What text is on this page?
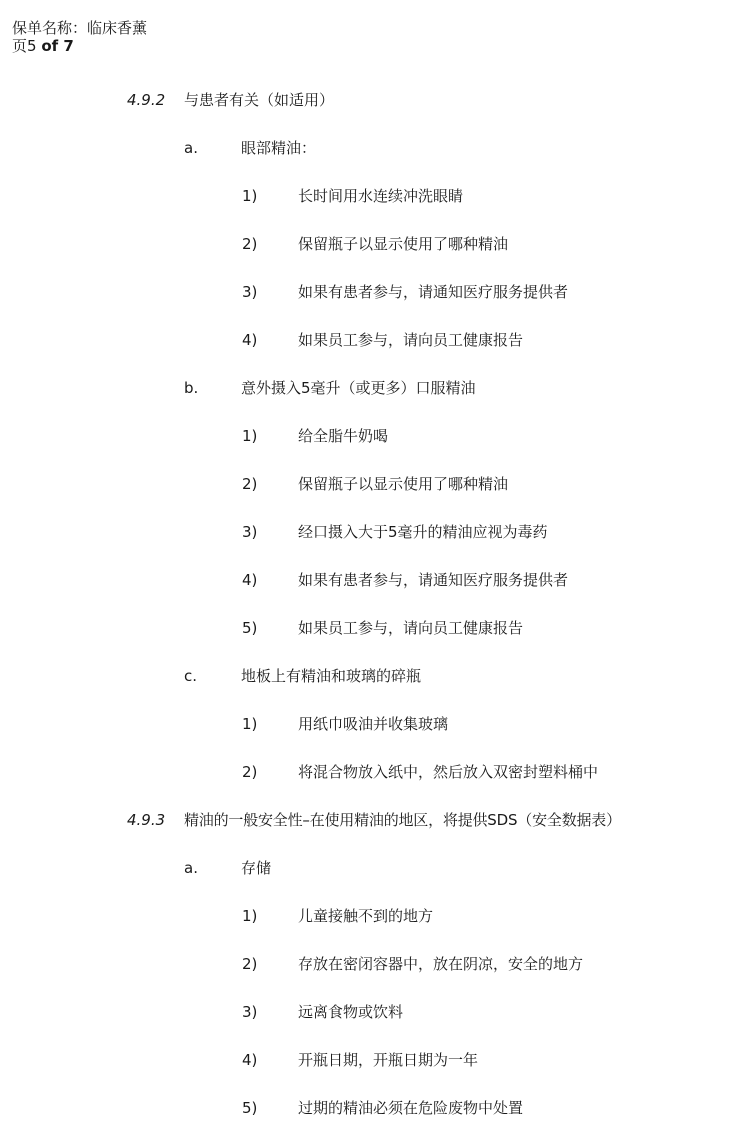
保单名称：临床香薰
页5 of 7
4.9.2 与患者有关（如适用）
a.	眼部精油：
1)	长时间用水连续冲洗眼睛
2)	保留瓶子以显示使用了哪种精油
3)	如果有患者参与，请通知医疗服务提供者
4)	如果员工参与，请向员工健康报告
b.	意外摄入5毫升（或更多）口服精油
1)	给全脂牛奶喝
2)	保留瓶子以显示使用了哪种精油
3)	经口摄入大于5毫升的精油应视为毒药
4)	如果有患者参与，请通知医疗服务提供者
5)	如果员工参与，请向员工健康报告
c.	地板上有精油和玻璃的碎瓶
1)	用纸巾吸油并收集玻璃
2)	将混合物放入纸中，然后放入双密封塑料桶中
4.9.3 精油的一般安全性–在使用精油的地区，将提供SDS（安全数据表）
a.	存储
1)	儿童接触不到的地方
2)	存放在密闭容器中，放在阴凉，安全的地方
3)	远离食物或饮料
4)	开瓶日期，开瓶日期为一年
5)	过期的精油必须在危险废物中处置
